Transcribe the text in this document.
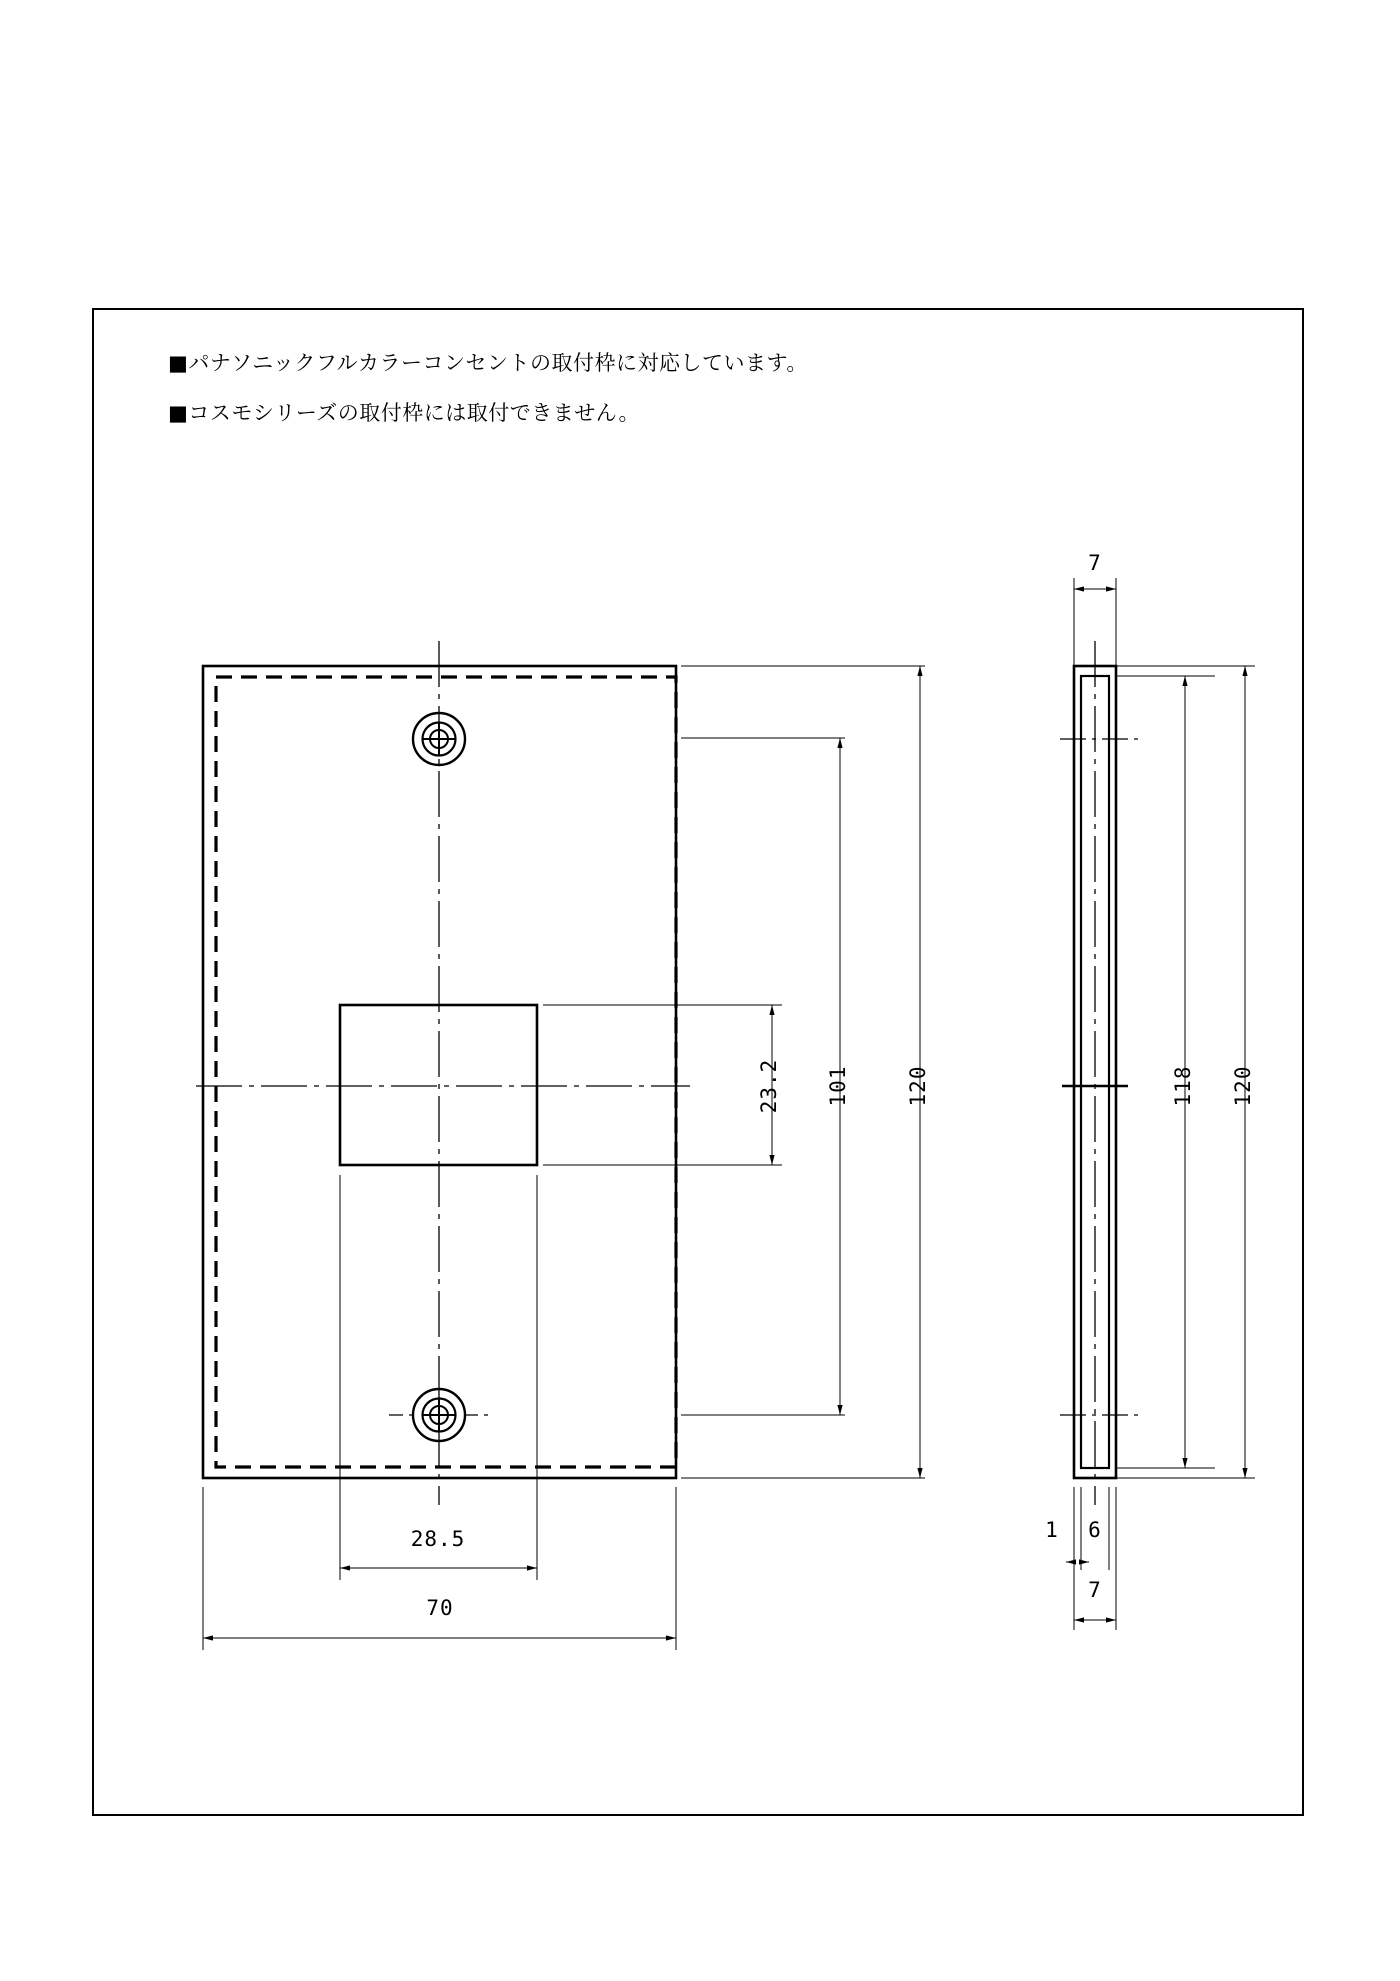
■パナソニックフルカラーコンセントの取付枠に対応しています。
■コスモシリーズの取付枠には取付できません。
23.2 101	120
28.5
70
7
118 120
1	6
7
